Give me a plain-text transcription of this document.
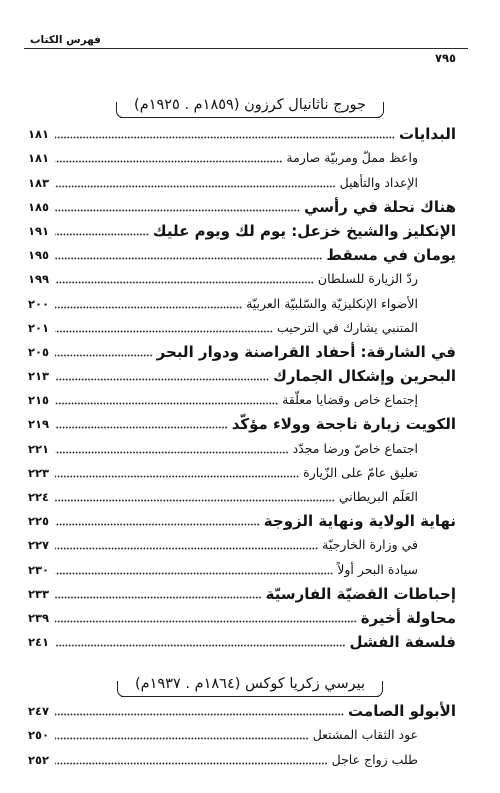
فهرس الكتاب
٧٩٥
جورج ناثانيال كرزون (١٨٥٩م . ١٩٢٥م)
البدايات
١٨١
واعظ مملّ ومربيّة صارمة
١٨١
الإعداد والتأهيل
١٨٣
هناك نحلة في رأسي
١٨٥
الإنكليز والشيخ خزعل: يوم لك ويوم عليك
١٩١
يومان في مسقط
١٩٥
ردّ الزيارة للسلطان
١٩٩
الأضواء الإنكليزيّة والسّلبيّة العربيّة
٢٠٠
المتنبي يشارك في الترحيب
٢٠١
في الشارقة: أحفاد القراصنة ودوار البحر
٢٠٥
البحرين وإشكال الجمارك
٢١٣
إجتماع خاص وقضايا معلّقة
٢١٥
الكويت زيارة ناجحة وولاء مؤكّد
٢١٩
اجتماع خاصّ ورضا مجدّد
٢٢١
تعليق عامّ على الزّيارة
٢٢٣
العَلَم البريطاني
٢٢٤
نهاية الولاية ونهاية الزوجة
٢٢٥
في وزارة الخارجيّة
٢٢٧
سيادة البحر أولاً
٢٣٠
إحباطات القضيّة الفارسيّة
٢٣٣
محاولة أخيرة
٢٣٩
فلسفة الفشل
٢٤١
بيرسي زكريا كوكس (١٨٦٤م . ١٩٣٧م)
الأبولو الصامت
٢٤٧
عود الثقاب المشتعل
٢٥٠
طلب زواج عاجل
٢٥٢
